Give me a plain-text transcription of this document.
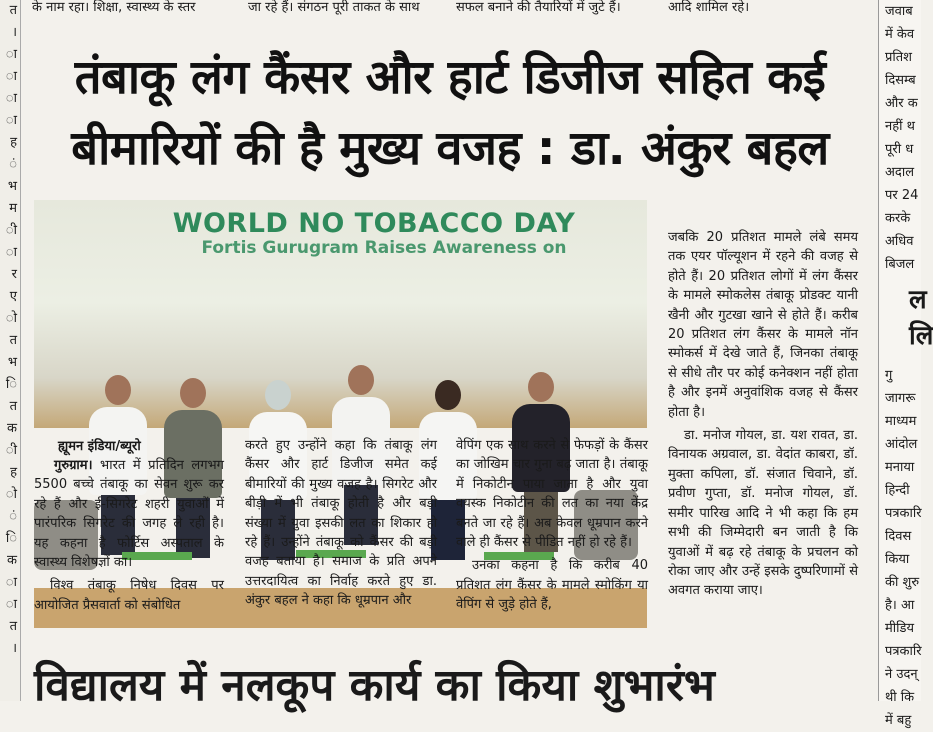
त
।
ा
ा
ा
ा
ह
ं
भ
म
ी
ा
र
ए
ो
त
भ
ि
त
क
ी
ह
ो
ं
ि
क
ा
ा
त
।
जवाब
में केव
प्रतिश
दिसम्ब
और क
नहीं थ
पूरी ध
अदाल
पर 24
करके
अधिव
बिजल
ल
लि
गु
जागरू
माध्यम
आंदोल
मनाया
हिन्दी
पत्रकारि
दिवस
किया
की शुरु
है। आ
मीडिय
पत्रकारि
ने उदन्
थी कि
में बहु
के नाम रहा। शिक्षा, स्वास्थ्य के स्तर	जा रहे हैं। संगठन पूरी ताकत के साथ	सफल बनाने की तैयारियों में जुटे हैं।	आदि शामिल रहे।
तंबाकू लंग कैंसर और हार्ट डिजीज सहित कई
बीमारियों की है मुख्य वजह : डा. अंकुर बहल
WORLD NO TOBACCO DAY
Fortis Gurugram Raises Awareness on
ह्यूमन इंडिया/ब्यूरो

गुरुग्राम। भारत में प्रतिदिन लगभग 5500 बच्चे तंबाकू का सेवन शुरू कर रहे हैं और ई-सिगरेट शहरी युवाओं में पारंपरिक सिगरेट की जगह ले रही है। यह कहना है फोर्टिस अस्पताल के स्वास्थ्य विशेषज्ञों का।

विश्व तंबाकू निषेध दिवस पर आयोजित प्रैसवार्ता को संबोधित

करते हुए उन्होंने कहा कि तंबाकू लंग कैंसर और हार्ट डिजीज समेत कई बीमारियों की मुख्य वजह है। सिगरेट और बीड़ी में भी तंबाकू होती है और बड़ी संख्या में युवा इसकी लत का शिकार हो रहे हैं। उन्होंने तंबाकू को कैंसर की बड़ी वजह बताया है। समाज के प्रति अपने उत्तरदायित्व का निर्वाह करते हुए डा. अंकुर बहल ने कहा कि धूम्रपान और

वेपिंग एक साथ करने से फेफड़ों के कैंसर का जोखिम चार गुना बढ़ जाता है। तंबाकू में निकोटीन पाया जाता है और युवा वयस्क निकोटीन की लत का नया केंद्र बनते जा रहे हैं। अब केवल धूम्रपान करने वाले ही कैंसर से पीडित नहीं हो रहे हैं।

उनका कहना है कि करीब 40 प्रतिशत लंग कैंसर के मामले स्मोकिंग या वेपिंग से जुड़े होते हैं,

जबकि 20 प्रतिशत मामले लंबे समय तक एयर पॉल्यूशन में रहने की वजह से होते हैं। 20 प्रतिशत लोगों में लंग कैंसर के मामले स्मोकलेस तंबाकू प्रोडक्ट यानी खैनी और गुटखा खाने से होते हैं। करीब 20 प्रतिशत लंग कैंसर के मामले नॉन स्मोकर्स में देखे जाते हैं, जिनका तंबाकू से सीधे तौर पर कोई कनेक्शन नहीं होता है और इनमें अनुवांशिक वजह से कैंसर होता है।

डा. मनोज गोयल, डा. यश रावत, डा. विनायक अग्रवाल, डा. वेदांत काबरा, डॉ. मुक्ता कपिला, डॉ. संजात चिवाने, डॉ. प्रवीण गुप्ता, डॉ. मनोज गोयल, डॉ. समीर पारिख आदि ने भी कहा कि हम सभी की जिम्मेदारी बन जाती है कि युवाओं में बढ़ रहे तंबाकू के प्रचलन को रोका जाए और उन्हें इसके दुष्परिणामों से अवगत कराया जाए।

विद्यालय में नलकूप कार्य का किया शुभारंभ
